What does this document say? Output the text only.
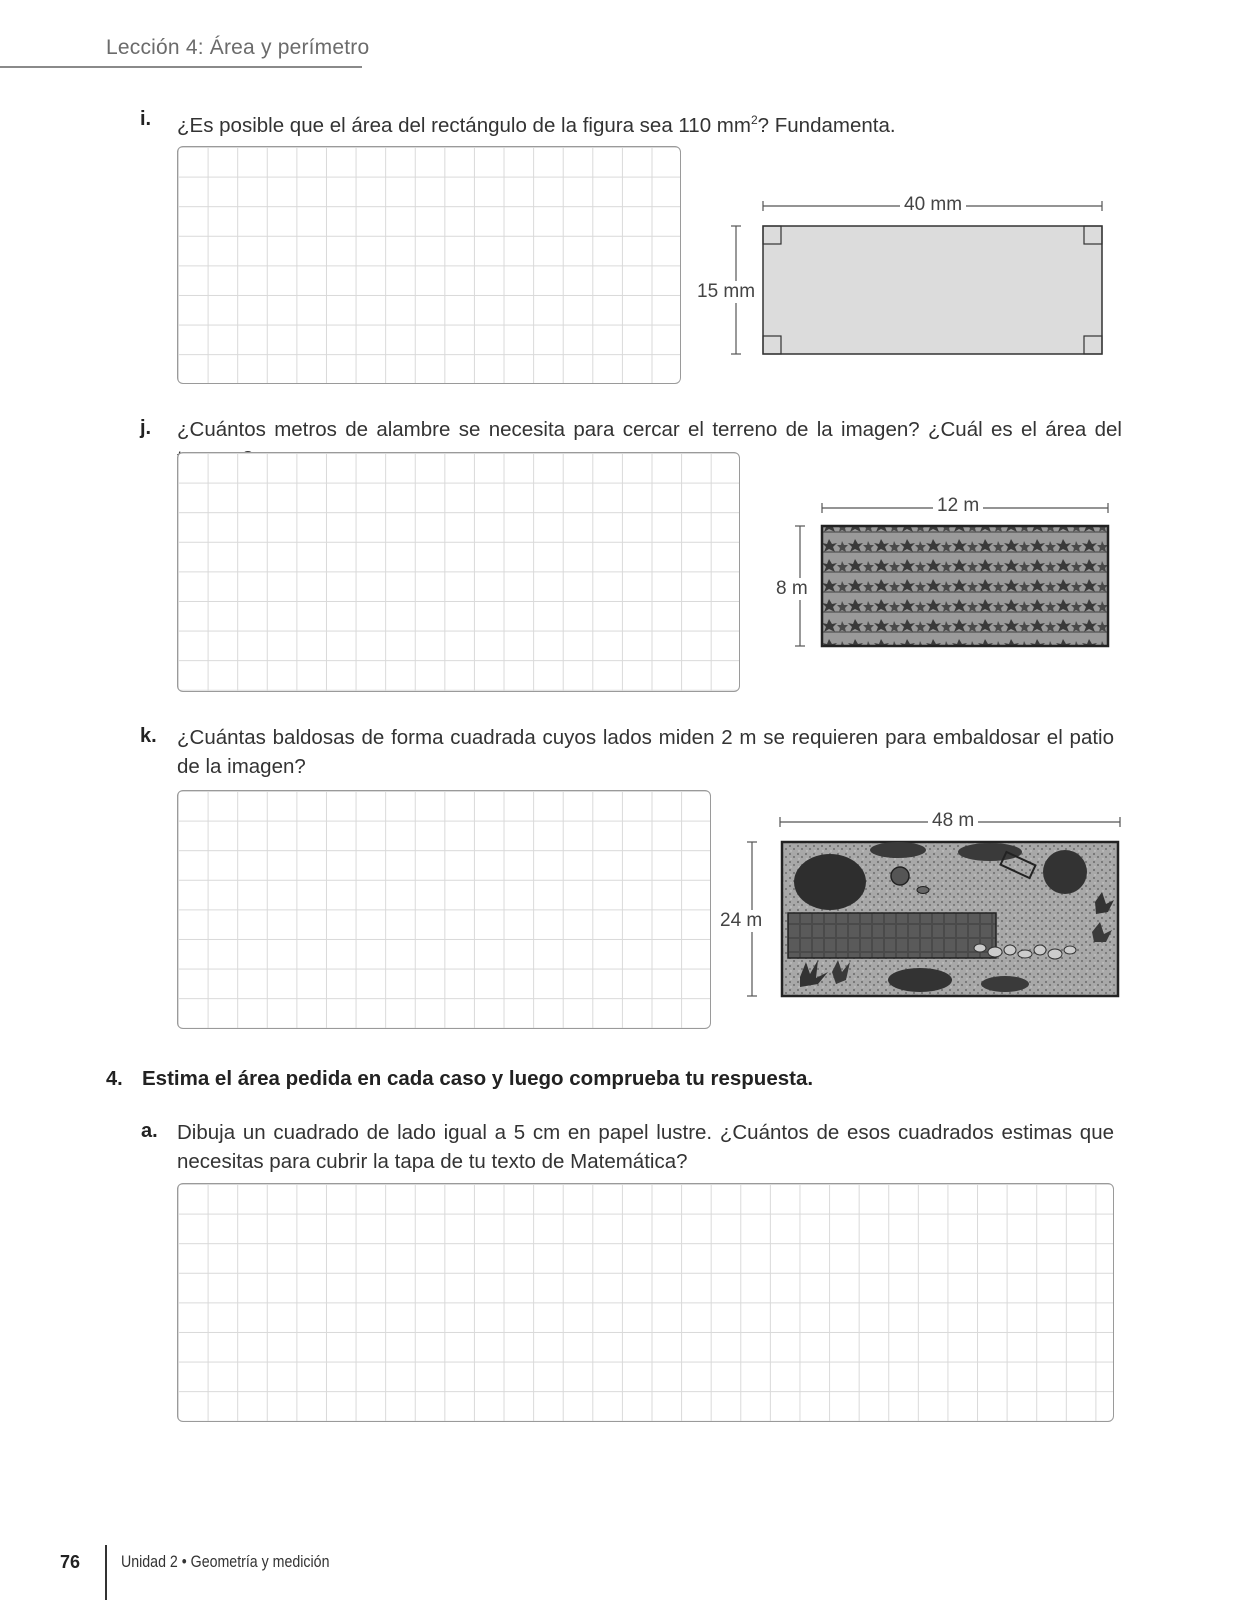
Lección 4: Área y perímetro
i. ¿Es posible que el área del rectángulo de la figura sea 110 $mm^2$? Fundamenta.
40 mm
15 mm
j. ¿Cuántos metros de alambre se necesita para cercar el terreno de la imagen? ¿Cuál es el área del
12 m
8 m
k. ¿Cuántas baldosas de forma cuadrada cuyos lados miden 2 m se requieren para embaldosar el patio de la imagen?
48 m
24 m
4. Estima el área pedida en cada caso y luego comprueba tu respuesta.
a. Dibuja un cuadrado de lado igual a 5 cm en papel lustre. ¿Cuántos de esos cuadrados estimas que necesitas para cubrir la tapa de tu texto de Matemática?
76 Unidad 2 • Geometría y medición
